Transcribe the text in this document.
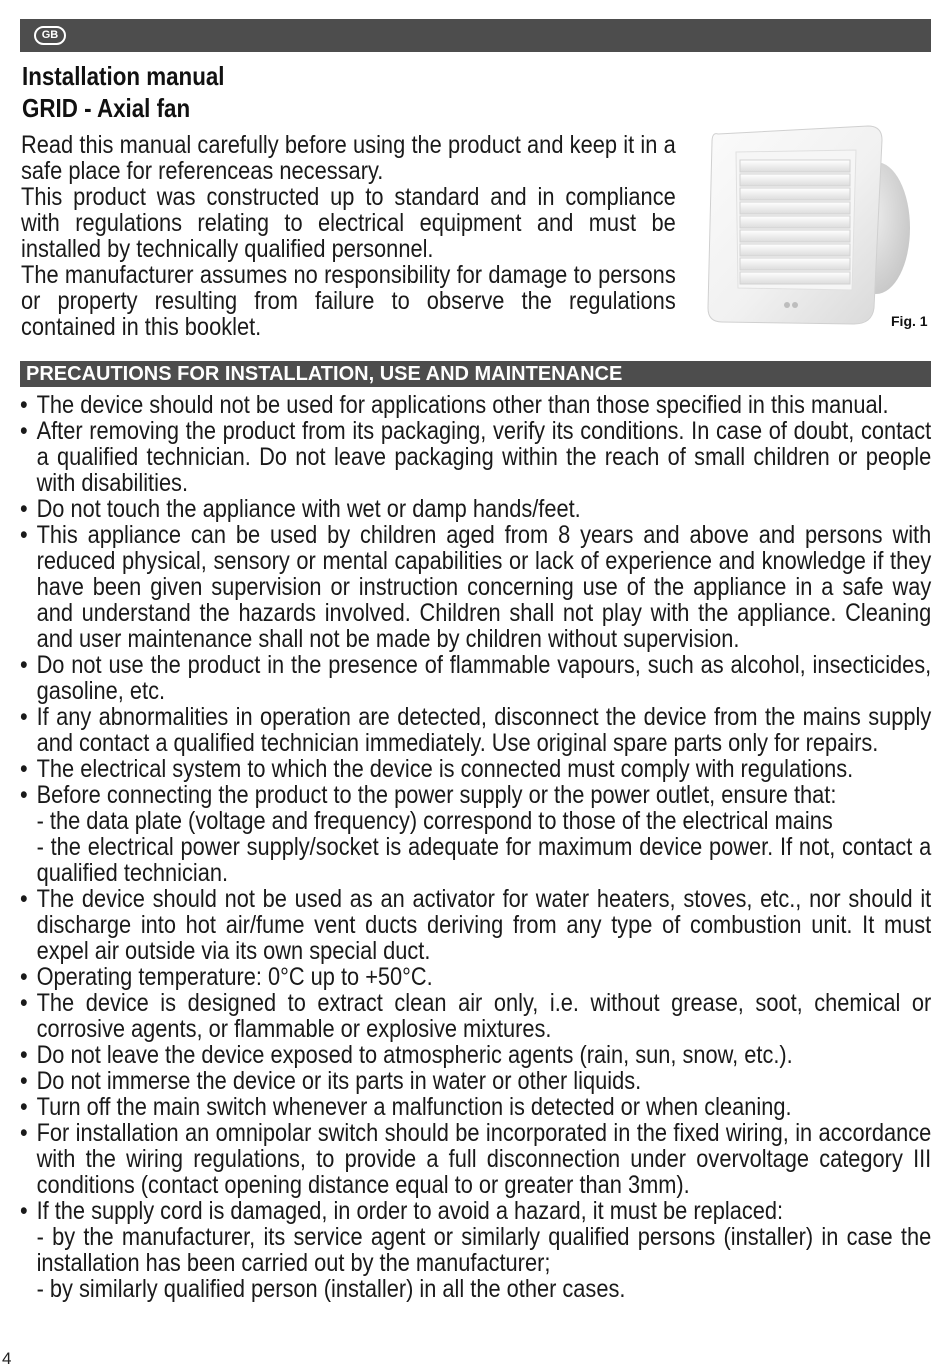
GB
Installation manual
GRID - Axial fan

Read this manual carefully before using the product and keep it in a safe place for referenceas necessary.

This product was constructed up to standard and in compliance with regulations relating to electrical equipment and must be installed by technically qualified personnel.

The manufacturer assumes no responsibility for damage to persons or property resulting from failure to observe the regulations contained in this booklet.	Fig. 1
PRECAUTIONS FOR INSTALLATION, USE AND MAINTENANCE
• The device should not be used for applications other than those specified in this manual.
• After removing the product from its packaging, verify its conditions. In case of doubt, contact a qualified technician. Do not leave packaging within the reach of small children or people with disabilities.
• Do not touch the appliance with wet or damp hands/feet.
• This appliance can be used by children aged from 8 years and above and persons with reduced physical, sensory or mental capabilities or lack of experience and knowledge if they have been given supervision or instruction concerning use of the appliance in a safe way and understand the hazards involved. Children shall not play with the appliance. Cleaning and user maintenance shall not be made by children without supervision.
• Do not use the product in the presence of flammable vapours, such as alcohol, insecticides, gasoline, etc.
• If any abnormalities in operation are detected, disconnect the device from the mains supply and contact a qualified technician immediately. Use original spare parts only for repairs.
• The electrical system to which the device is connected must comply with regulations.
• Before connecting the product to the power supply or the power outlet, ensure that:
- the data plate (voltage and frequency) correspond to those of the electrical mains
- the electrical power supply/socket is adequate for maximum device power. If not, contact a qualified technician.
• The device should not be used as an activator for water heaters, stoves, etc., nor should it discharge into hot air/fume vent ducts deriving from any type of combustion unit. It must expel air outside via its own special duct.
• Operating temperature: 0°C up to +50°C.
• The device is designed to extract clean air only, i.e. without grease, soot, chemical or corrosive agents, or flammable or explosive mixtures.
• Do not leave the device exposed to atmospheric agents (rain, sun, snow, etc.).
• Do not immerse the device or its parts in water or other liquids.
• Turn off the main switch whenever a malfunction is detected or when cleaning.
• For installation an omnipolar switch should be incorporated in the fixed wiring, in accordance with the wiring regulations, to provide a full disconnection under overvoltage category III conditions (contact opening distance equal to or greater than 3mm).
• If the supply cord is damaged, in order to avoid a hazard, it must be replaced:
- by the manufacturer, its service agent or similarly qualified persons (installer) in case the installation has been carried out by the manufacturer;
- by similarly qualified person (installer) in all the other cases.
4
